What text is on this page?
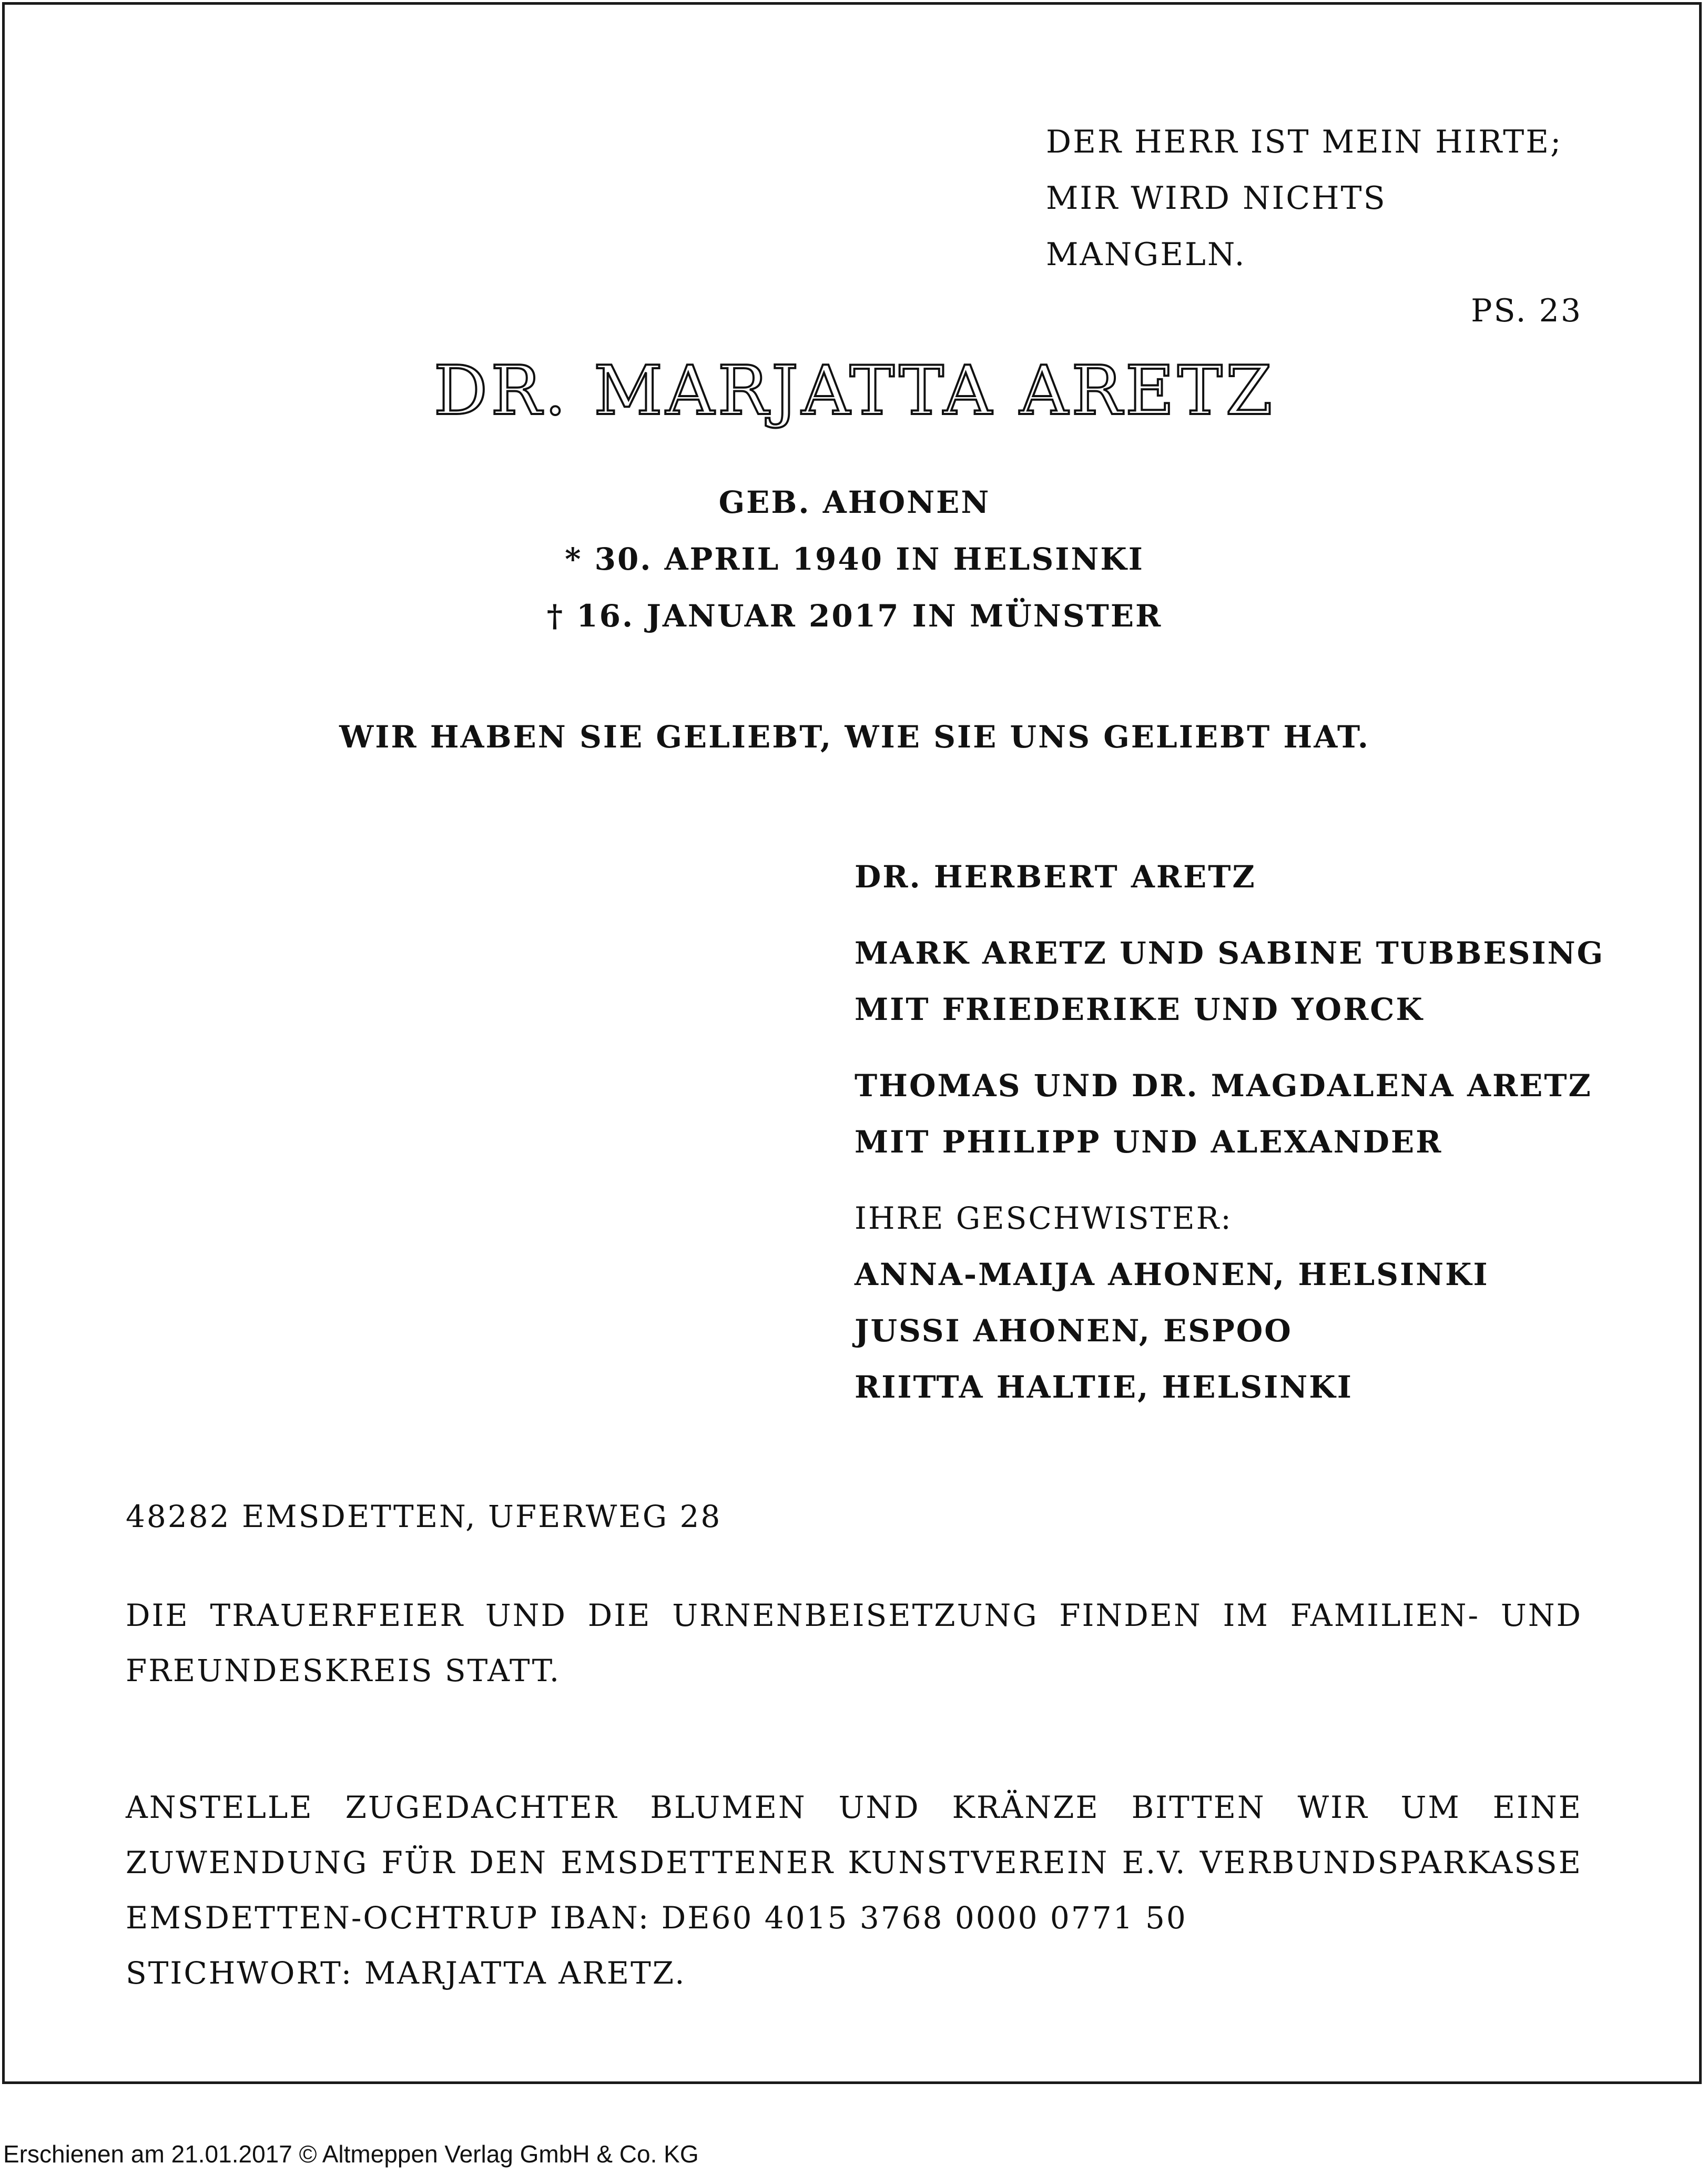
DER HERR IST MEIN HIRTE;
MIR WIRD NICHTS MANGELN.
PS. 23
DR. MARJATTA ARETZ
GEB. AHONEN
* 30. APRIL 1940 IN HELSINKI
† 16. JANUAR 2017 IN MÜNSTER
WIR HABEN SIE GELIEBT, WIE SIE UNS GELIEBT HAT.
DR. HERBERT ARETZ
MARK ARETZ UND SABINE TUBBESING
MIT FRIEDERIKE UND YORCK
THOMAS UND DR. MAGDALENA ARETZ
MIT PHILIPP UND ALEXANDER
IHRE GESCHWISTER:
ANNA-MAIJA AHONEN, HELSINKI
JUSSI AHONEN, ESPOO
RIITTA HALTIE, HELSINKI
48282 EMSDETTEN, UFERWEG 28
DIE TRAUERFEIER UND DIE URNENBEISETZUNG FINDEN IM FAMILIEN- UND
FREUNDESKREIS STATT.
ANSTELLE ZUGEDACHTER BLUMEN UND KRÄNZE BITTEN WIR UM EINE
ZUWENDUNG FÜR DEN EMSDETTENER KUNSTVEREIN E.V. VERBUNDSPARKASSE
EMSDETTEN-OCHTRUP IBAN: DE60 4015 3768 0000 0771 50
STICHWORT: MARJATTA ARETZ.
Erschienen am 21.01.2017 © Altmeppen Verlag GmbH & Co. KG
